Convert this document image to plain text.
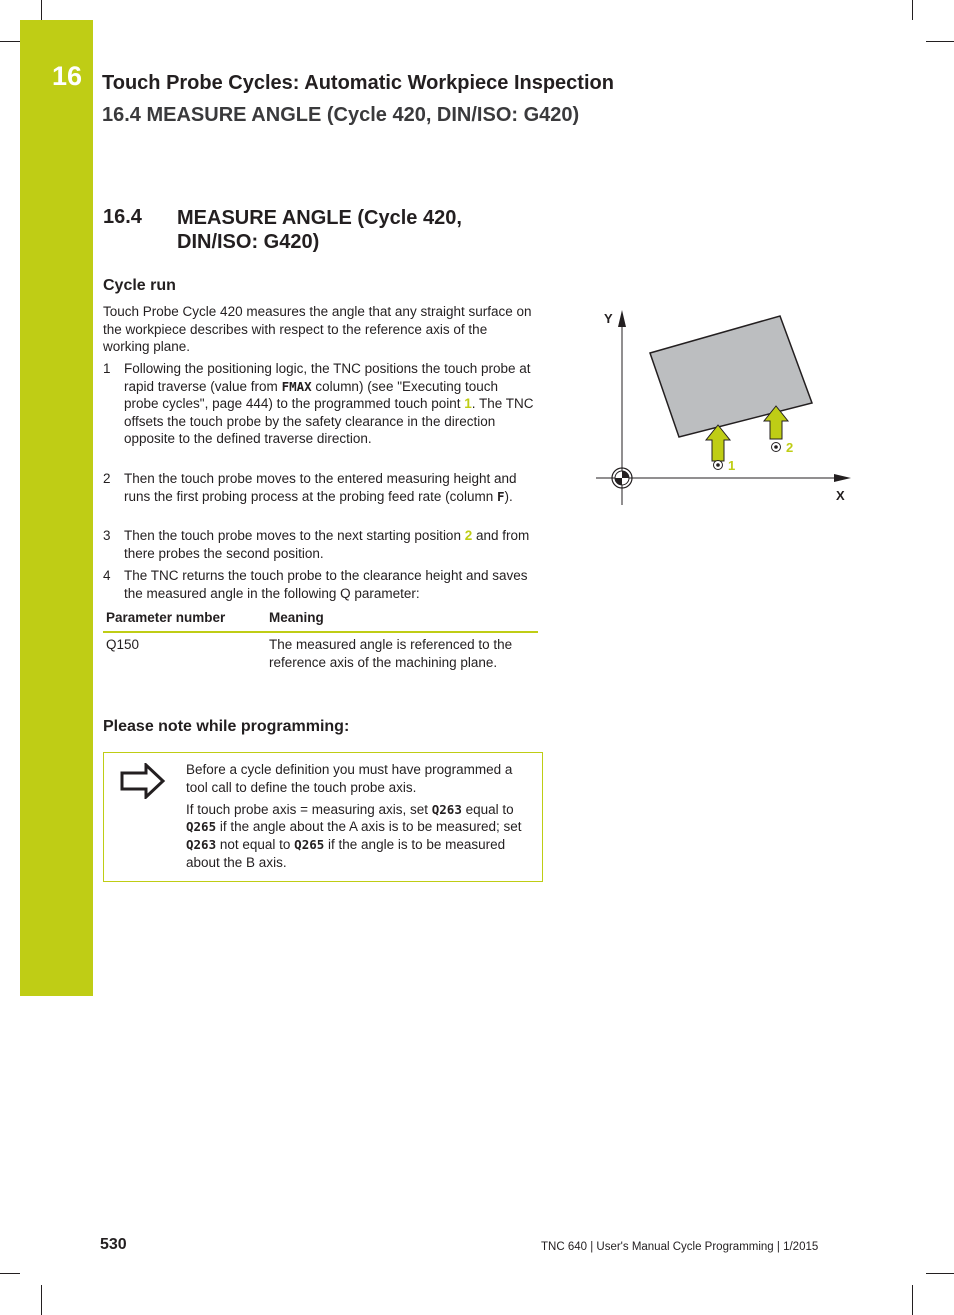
16 Touch Probe Cycles: Automatic Workpiece Inspection
16.4 MEASURE ANGLE (Cycle 420, DIN/ISO: G420)
16.4 MEASURE ANGLE (Cycle 420, DIN/ISO: G420)
Cycle run
Touch Probe Cycle 420 measures the angle that any straight surface on the workpiece describes with respect to the reference axis of the working plane.
1 Following the positioning logic, the TNC positions the touch probe at rapid traverse (value from FMAX column) (see "Executing touch probe cycles", page 444) to the programmed touch point 1. The TNC offsets the touch probe by the safety clearance in the direction opposite to the defined traverse direction.
2 Then the touch probe moves to the entered measuring height and runs the first probing process at the probing feed rate (column F).
3 Then the touch probe moves to the next starting position 2 and from there probes the second position.
4 The TNC returns the touch probe to the clearance height and saves the measured angle in the following Q parameter:
Parameter number	Meaning
Q150	The measured angle is referenced to the reference axis of the machining plane.
Please note while programming:

Before a cycle definition you must have programmed a tool call to define the touch probe axis.

If touch probe axis = measuring axis, set Q263 equal to Q265 if the angle about the A axis is to be measured; set Q263 not equal to Q265 if the angle is to be measured about the B axis.

Y
X
1
2
530	TNC 640 | User's Manual Cycle Programming | 1/2015
